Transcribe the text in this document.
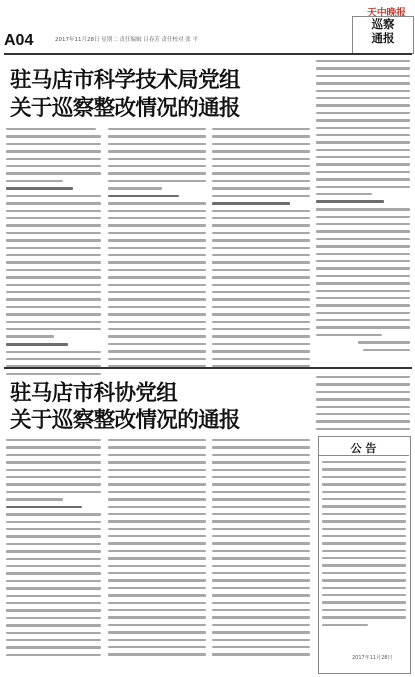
天中晚报
A04	2017年11月28日 星期二 责任编辑 吕春芳 责任校对 张 平
巡察
通报
驻马店市科学技术局党组
关于巡察整改情况的通报
驻马店市科协党组
关于巡察整改情况的通报
公 告
2017年11月28日
